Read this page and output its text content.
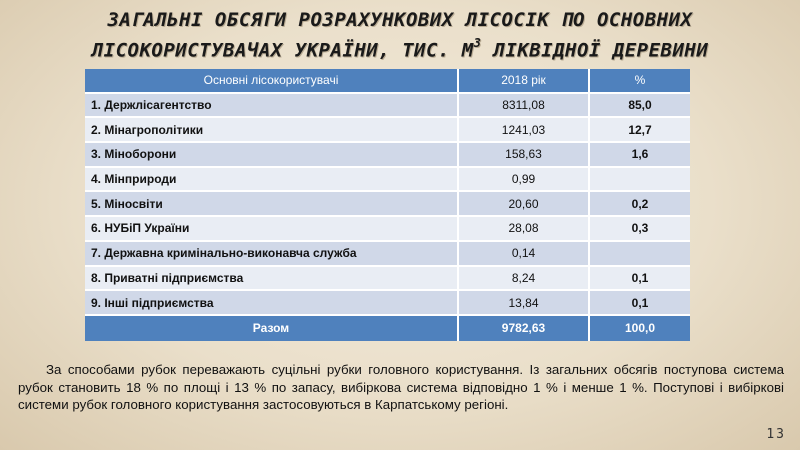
ЗАГАЛЬНІ ОБСЯГИ РОЗРАХУНКОВИХ ЛІСОСІК ПО ОСНОВНИХ
ЛІСОКОРИСТУВАЧАХ УКРАЇНИ, ТИС. $М^3$ ЛІКВІДНОЇ ДЕРЕВИНИ
Основні лісокористувачі	2018 рік	%
1. Держлісагентство	8311,08	85,0
2. Мінагрополітики	1241,03	12,7
3. Міноборони	158,63	1,6
4. Мінприроди	0,99	
5. Міносвіти	20,60	0,2
6. НУБіП України	28,08	0,3
7. Державна кримінально-виконавча служба	0,14	
8. Приватні підприємства	8,24	0,1
9. Інші підприємства	13,84	0,1
Разом	9782,63	100,0

За способами рубок переважають суцільні рубки головного користування. Із загальних обсягів поступова система рубок становить 18 % по площі і 13 % по запасу, вибіркова система відповідно 1 % і менше 1 %. Поступові і вибіркові системи рубок головного користування застосовуються в Карпатському регіоні.

13
